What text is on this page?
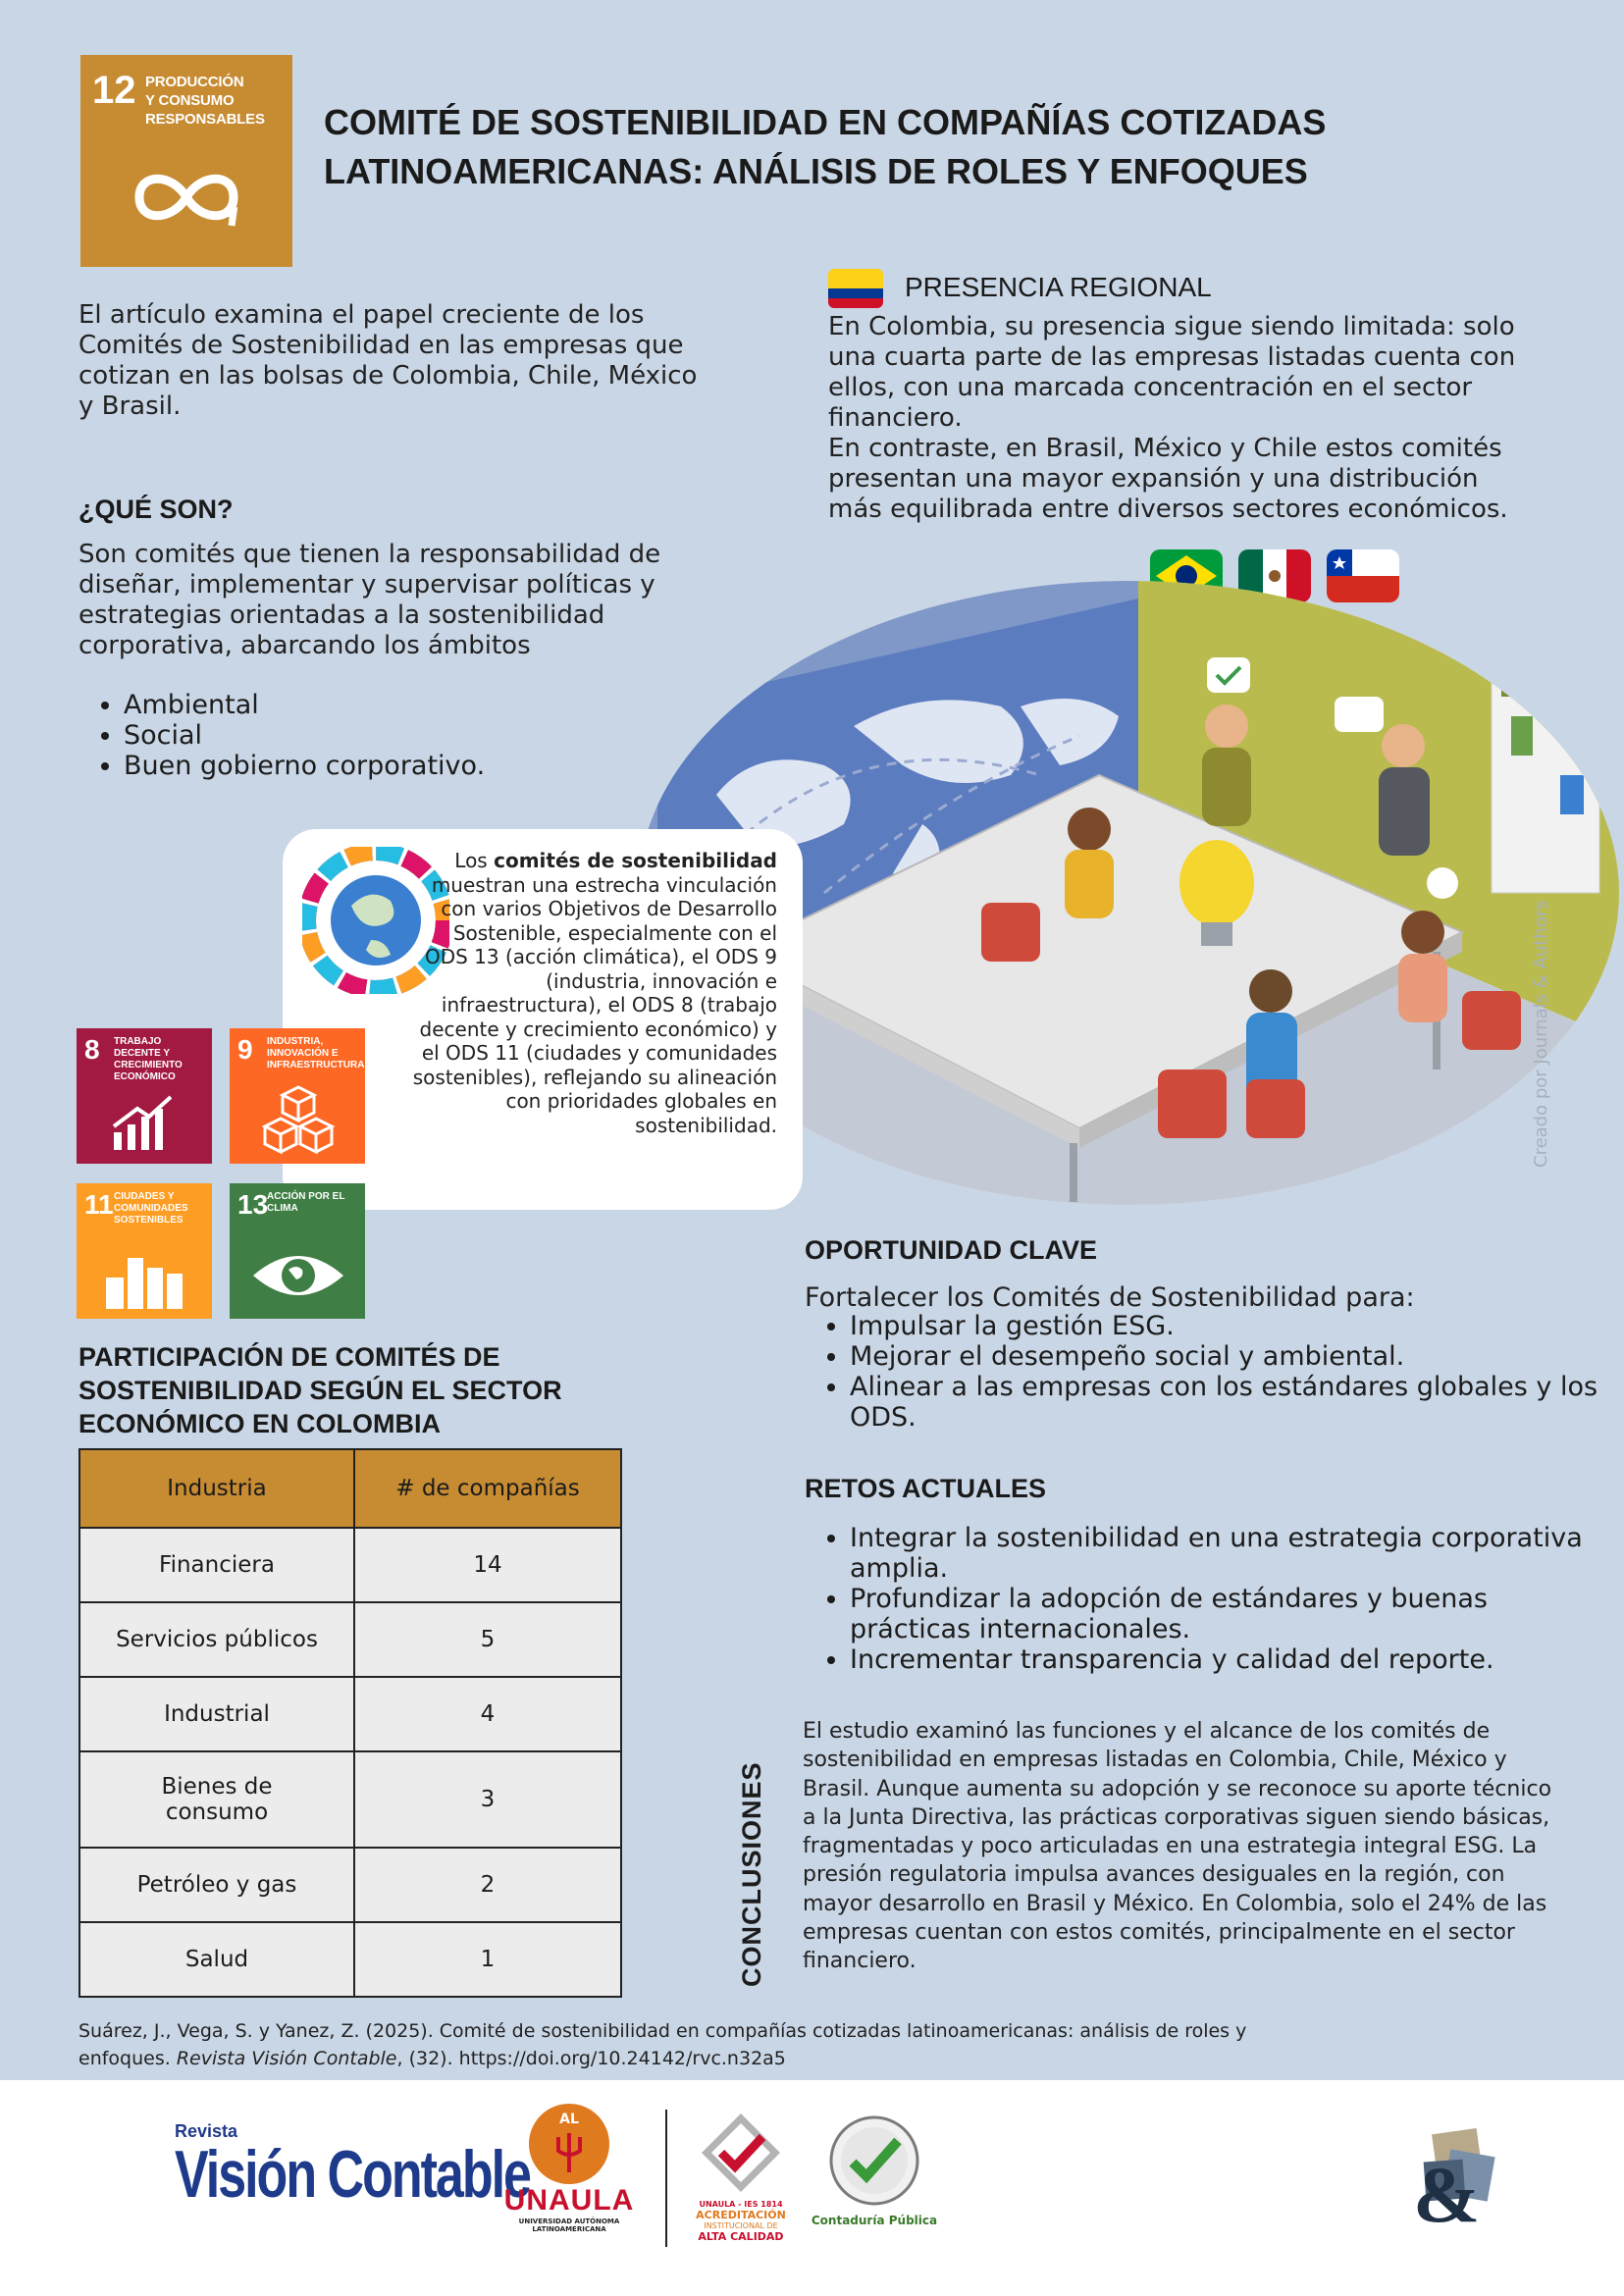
12 PRODUCCIÓN
Y CONSUMO
RESPONSABLES COMITÉ DE SOSTENIBILIDAD EN COMPAÑÍAS COTIZADAS
LATINOAMERICANAS: ANÁLISIS DE ROLES Y ENFOQUES
El artículo examina el papel creciente de los Comités de Sostenibilidad en las empresas que cotizan en las bolsas de Colombia, Chile, México y Brasil.
¿QUÉ SON?
Son comités que tienen la responsabilidad de diseñar, implementar y supervisar políticas y estrategias orientadas a la sostenibilidad corporativa, abarcando los ámbitos
• Ambiental
• Social
• Buen gobierno corporativo.
PRESENCIA REGIONAL
En Colombia, su presencia sigue siendo limitada: solo una cuarta parte de las empresas listadas cuenta con ellos, con una marcada concentración en el sector financiero.
En contraste, en Brasil, México y Chile estos comités presentan una mayor expansión y una distribución más equilibrada entre diversos sectores económicos.
Creado por Journals & Authors
Los comités de sostenibilidad muestran una estrecha vinculación con varios Objetivos de Desarrollo Sostenible, especialmente con el ODS 13 (acción climática), el ODS 9 (industria, innovación e infraestructura), el ODS 8 (trabajo decente y crecimiento económico) y el ODS 11 (ciudades y comunidades sostenibles), reflejando su alineación con prioridades globales en sostenibilidad.
8 TRABAJO DECENTE Y CRECIMIENTO ECONÓMICO
9 INDUSTRIA, INNOVACIÓN E INFRAESTRUCTURA
11 CIUDADES Y COMUNIDADES SOSTENIBLES
13
ACCIÓN POR EL CLIMA
OPORTUNIDAD CLAVE
Fortalecer los Comités de Sostenibilidad para:
• Impulsar la gestión ESG.
• Mejorar el desempeño social y ambiental.
• Alinear a las empresas con los estándares globales y los ODS.
RETOS ACTUALES
• Integrar la sostenibilidad en una estrategia corporativa amplia.
• Profundizar la adopción de estándares y buenas prácticas internacionales.
• Incrementar transparencia y calidad del reporte.
PARTICIPACIÓN DE COMITÉS DE SOSTENIBILIDAD SEGÚN EL SECTOR ECONÓMICO EN COLOMBIA
Industria	# de compañías
Financiera	14
Servicios públicos	5
Industrial	4
Bienes de consumo	3
Petróleo y gas	2
Salud	1	CONCLUSIONES
El estudio examinó las funciones y el alcance de los comités de sostenibilidad en empresas listadas en Colombia, Chile, México y Brasil. Aunque aumenta su adopción y se reconoce su aporte técnico a la Junta Directiva, las prácticas corporativas siguen siendo básicas, fragmentadas y poco articuladas en una estrategia integral ESG. La presión regulatoria impulsa avances desiguales en la región, con mayor desarrollo en Brasil y México. En Colombia, solo el 24% de las empresas cuentan con estos comités, principalmente en el sector financiero.
Suárez, J., Vega, S. y Yanez, Z. (2025). Comité de sostenibilidad en compañías cotizadas latinoamericanas: análisis de roles y enfoques. Revista Visión Contable, (32). https://doi.org/10.24142/rvc.n32a5
Revista
Visión Contable
AL
UNAULA
UNIVERSIDAD AUTÓNOMA LATINOAMERICANA
UNAULA - IES 1814
ACREDITACIÓN
INSTITUCIONAL DE
ALTA CALIDAD
Contaduría Pública	&
